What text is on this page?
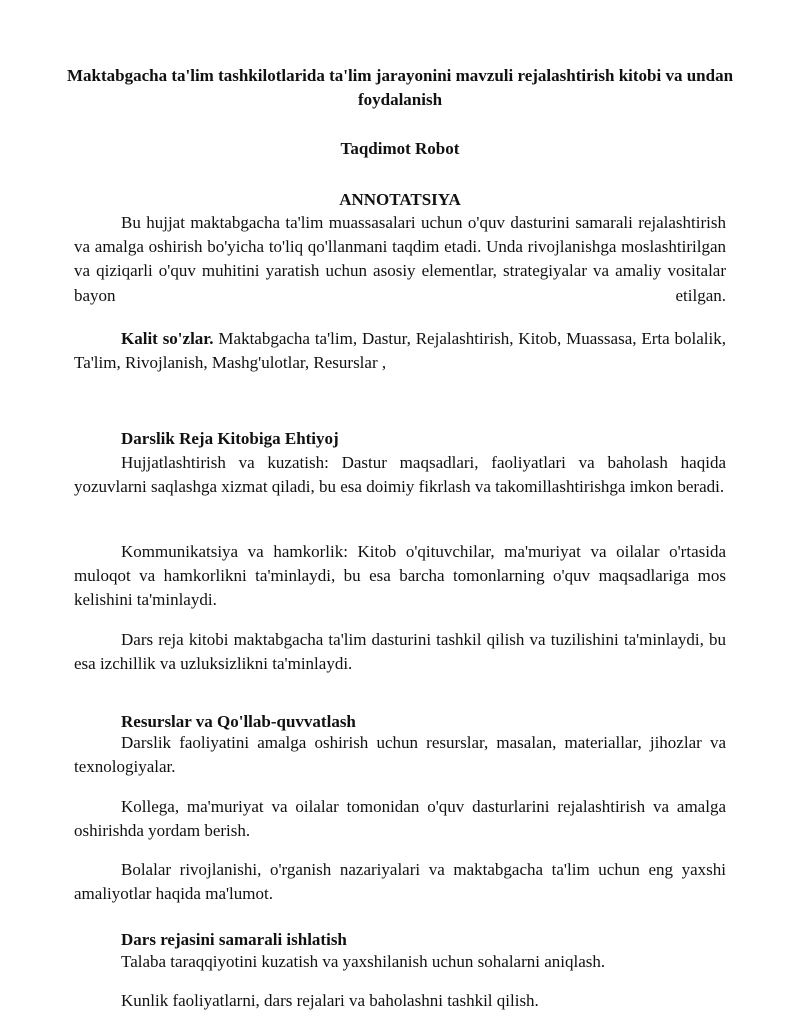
Maktabgacha ta'lim tashkilotlarida ta'lim jarayonini mavzuli rejalashtirish kitobi va undan foydalanish
Taqdimot Robot
ANNOTATSIYA
Bu hujjat maktabgacha ta'lim muassasalari uchun o'quv dasturini samarali rejalashtirish va amalga oshirish bo'yicha to'liq qo'llanmani taqdim etadi. Unda rivojlanishga moslashtirilgan va qiziqarli o'quv muhitini yaratish uchun asosiy elementlar, strategiyalar va amaliy vositalar bayon etilgan.
Kalit so'zlar. Maktabgacha ta'lim, Dastur, Rejalashtirish, Kitob, Muassasa, Erta bolalik, Ta'lim, Rivojlanish, Mashg'ulotlar, Resurslar ,
Darslik Reja Kitobiga Ehtiyoj
Hujjatlashtirish va kuzatish: Dastur maqsadlari, faoliyatlari va baholash haqida yozuvlarni saqlashga xizmat qiladi, bu esa doimiy fikrlash va takomillashtirishga imkon beradi.
Kommunikatsiya va hamkorlik: Kitob o'qituvchilar, ma'muriyat va oilalar o'rtasida muloqot va hamkorlikni ta'minlaydi, bu esa barcha tomonlarning o'quv maqsadlariga mos kelishini ta'minlaydi.
Dars reja kitobi maktabgacha ta'lim dasturini tashkil qilish va tuzilishini ta'minlaydi, bu esa izchillik va uzluksizlikni ta'minlaydi.
Resurslar va Qo'llab-quvvatlash
Darslik faoliyatini amalga oshirish uchun resurslar, masalan, materiallar, jihozlar va texnologiyalar.
Kollega, ma'muriyat va oilalar tomonidan o'quv dasturlarini rejalashtirish va amalga oshirishda yordam berish.
Bolalar rivojlanishi, o'rganish nazariyalari va maktabgacha ta'lim uchun eng yaxshi amaliyotlar haqida ma'lumot.
Dars rejasini samarali ishlatish
Talaba taraqqiyotini kuzatish va yaxshilanish uchun sohalarni aniqlash.
Kunlik faoliyatlarni, dars rejalari va baholashni tashkil qilish.
